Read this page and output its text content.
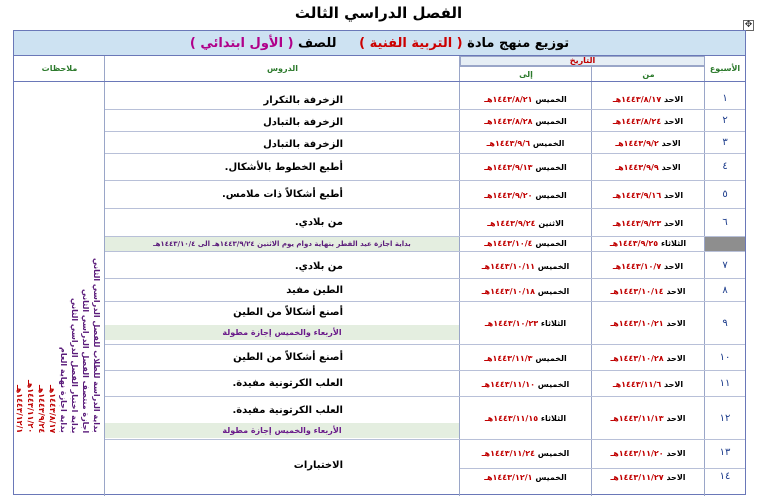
الفصل الدراسي الثالث
✥
توزيع منهج مادة ( التربية الفنية )     للصف ( الأول ابتدائي )
الأسبوع
التاريخ
من
إلى
الدروس
ملاحظات
بداية اجازة عيد الفطر بنهاية دوام يوم الاثنين ١٤٤٣/٩/٢٤هـ الى ١٤٤٣/١٠/٤هـ
١
٢
٣
٤
٥
٦
٧
٨
٩
١٠
١١
١٢
١٣
١٤
الاحد ١٤٤٣/٨/١٧هـ
الاحد ١٤٤٣/٨/٢٤هـ
الاحد ١٤٤٣/٩/٢هـ
الاحد ١٤٤٣/٩/٩هـ
الاحد ١٤٤٣/٩/١٦هـ
الاحد ١٤٤٣/٩/٢٣هـ
الثلاثاء ١٤٤٣/٩/٢٥هـ
الاحد ١٤٤٣/١٠/٧هـ
الاحد ١٤٤٣/١٠/١٤هـ
الاحد ١٤٤٣/١٠/٢١هـ
الاحد ١٤٤٣/١٠/٢٨هـ
الاحد ١٤٤٣/١١/٦هـ
الاحد ١٤٤٣/١١/١٣هـ
الاحد ١٤٤٣/١١/٢٠هـ
الاحد ١٤٤٣/١١/٢٧هـ
الخميس ١٤٤٣/٨/٢١هـ
الخميس ١٤٤٣/٨/٢٨هـ
الخميس ١٤٤٣/٩/٦هـ
الخميس ١٤٤٣/٩/١٣هـ
الخميس ١٤٤٣/٩/٢٠هـ
الاثنين ١٤٤٣/٩/٢٤هـ
الخميس ١٤٤٣/١٠/٤هـ
الخميس ١٤٤٣/١٠/١١هـ
الخميس ١٤٤٣/١٠/١٨هـ
الثلاثاء ١٤٤٣/١٠/٢٣هـ
الخميس ١٤٤٣/١١/٣هـ
الخميس ١٤٤٣/١١/١٠هـ
الثلاثاء ١٤٤٣/١١/١٥هـ
الخميس ١٤٤٣/١١/٢٤هـ
الخميس ١٤٤٣/١٢/١هـ
الزخرفة بالتكرار
الزخرفة بالتبادل
الزخرفة بالتبادل
أطبع الخطوط بالأشكال.
أطبع أشكالاً ذات ملامس.
من بلادي.
من بلادي.
الطين مفيد
أصنع أشكالاً من الطين
الأربعاء والخميس إجازة مطولة
أصنع أشكالاً من الطين
العلب الكرتونية مفيدة.
العلب الكرتونية مفيدة.
الأربعاء والخميس إجازة مطولة
الاختبارات

بداية الدراسة للطلاب للفصل الدراسي الثاني

اجازة منتصف الفصل الدراسي الثاني

بداية اختبار الفصل الدراسي الثاني

بداية اجازة نهاية العام

١٤٤٣/٨/١٧هـ

١٤٤٣/٩/٢٤هـ

١٤٤٣/١١/٢٠هـ

١٤٤٣/١٢/١هـ
